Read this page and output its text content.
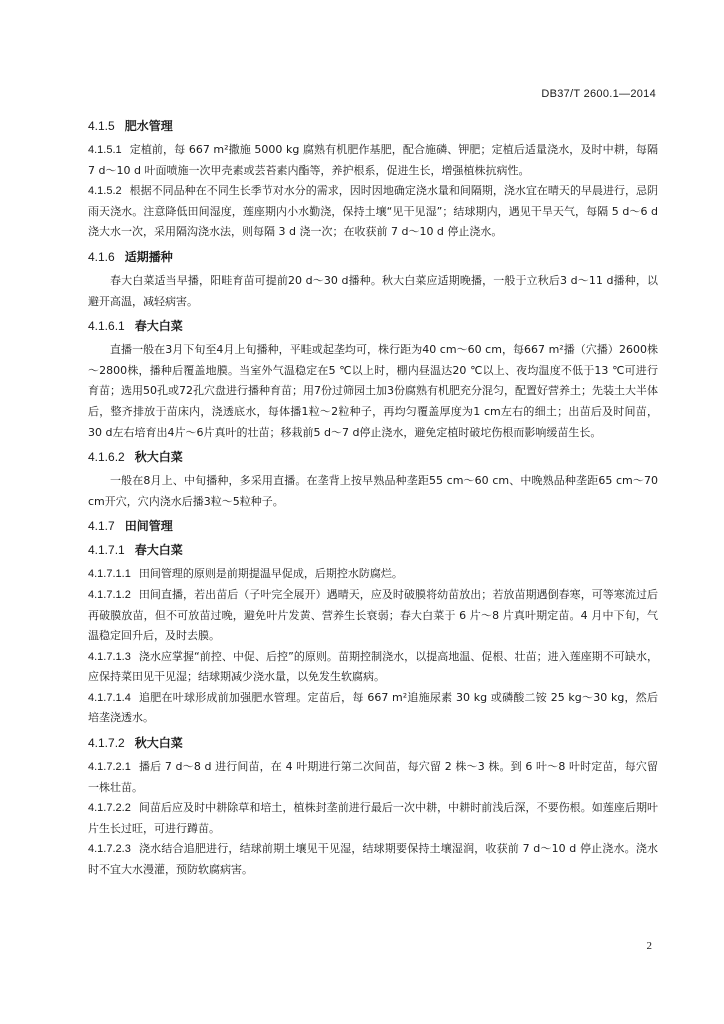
DB37/T 2600.1—2014
4.1.5 肥水管理

4.1.5.1 定植前，每 667 m²撒施 5000 kg 腐熟有机肥作基肥，配合施磷、钾肥；定植后适量浇水，及时中耕，每隔 7 d～10 d 叶面喷施一次甲壳素或芸苔素内酯等，养护根系，促进生长，增强植株抗病性。

4.1.5.2 根据不同品种在不同生长季节对水分的需求，因时因地确定浇水量和间隔期，浇水宜在晴天的早晨进行，忌阴雨天浇水。注意降低田间湿度，莲座期内小水勤浇，保持土壤“见干见湿”；结球期内，遇见干旱天气，每隔 5 d～6 d 浇大水一次，采用隔沟浇水法，则每隔 3 d 浇一次；在收获前 7 d～10 d 停止浇水。

4.1.6 适期播种

春大白菜适当早播，阳畦育苗可提前20 d～30 d播种。秋大白菜应适期晚播，一般于立秋后3 d～11 d播种，以避开高温，减轻病害。

4.1.6.1 春大白菜

直播一般在3月下旬至4月上旬播种，平畦或起垄均可，株行距为40 cm～60 cm，每667 m²播（穴播）2600株～2800株，播种后覆盖地膜。当室外气温稳定在5 ℃以上时，棚内昼温达20 ℃以上、夜均温度不低于13 ℃可进行育苗；选用50孔或72孔穴盘进行播种育苗；用7份过筛园土加3份腐熟有机肥充分混匀，配置好营养土；先装土大半体后，整齐排放于苗床内，浇透底水，每体播1粒～2粒种子，再均匀覆盖厚度为1 cm左右的细土；出苗后及时间苗，30 d左右培育出4片～6片真叶的壮苗；移栽前5 d～7 d停止浇水，避免定植时破坨伤根而影响缓苗生长。

4.1.6.2 秋大白菜

一般在8月上、中旬播种，多采用直播。在垄背上按早熟品种垄距55 cm～60 cm、中晚熟品种垄距65 cm～70 cm开穴，穴内浇水后播3粒～5粒种子。

4.1.7 田间管理
4.1.7.1 春大白菜

4.1.7.1.1 田间管理的原则是前期提温早促成，后期控水防腐烂。

4.1.7.1.2 田间直播，若出苗后（子叶完全展开）遇晴天，应及时破膜将幼苗放出；若放苗期遇倒春寒，可等寒流过后再破膜放苗，但不可放苗过晚，避免叶片发黄、营养生长衰弱；春大白菜于 6 片～8 片真叶期定苗。4 月中下旬，气温稳定回升后，及时去膜。

4.1.7.1.3 浇水应掌握“前控、中促、后控”的原则。苗期控制浇水，以提高地温、促根、壮苗；进入莲座期不可缺水，应保持菜田见干见湿；结球期减少浇水量，以免发生软腐病。

4.1.7.1.4 追肥在叶球形成前加强肥水管理。定苗后，每 667 m²追施尿素 30 kg 或磷酸二铵 25 kg～30 kg，然后培垄浇透水。

4.1.7.2 秋大白菜

4.1.7.2.1 播后 7 d～8 d 进行间苗，在 4 叶期进行第二次间苗，每穴留 2 株～3 株。到 6 叶～8 叶时定苗，每穴留一株壮苗。

4.1.7.2.2 间苗后应及时中耕除草和培土，植株封垄前进行最后一次中耕，中耕时前浅后深，不要伤根。如莲座后期叶片生长过旺，可进行蹲苗。

4.1.7.2.3 浇水结合追肥进行，结球前期土壤见干见湿，结球期要保持土壤湿润，收获前 7 d～10 d 停止浇水。浇水时不宜大水漫灌，预防软腐病害。

2
